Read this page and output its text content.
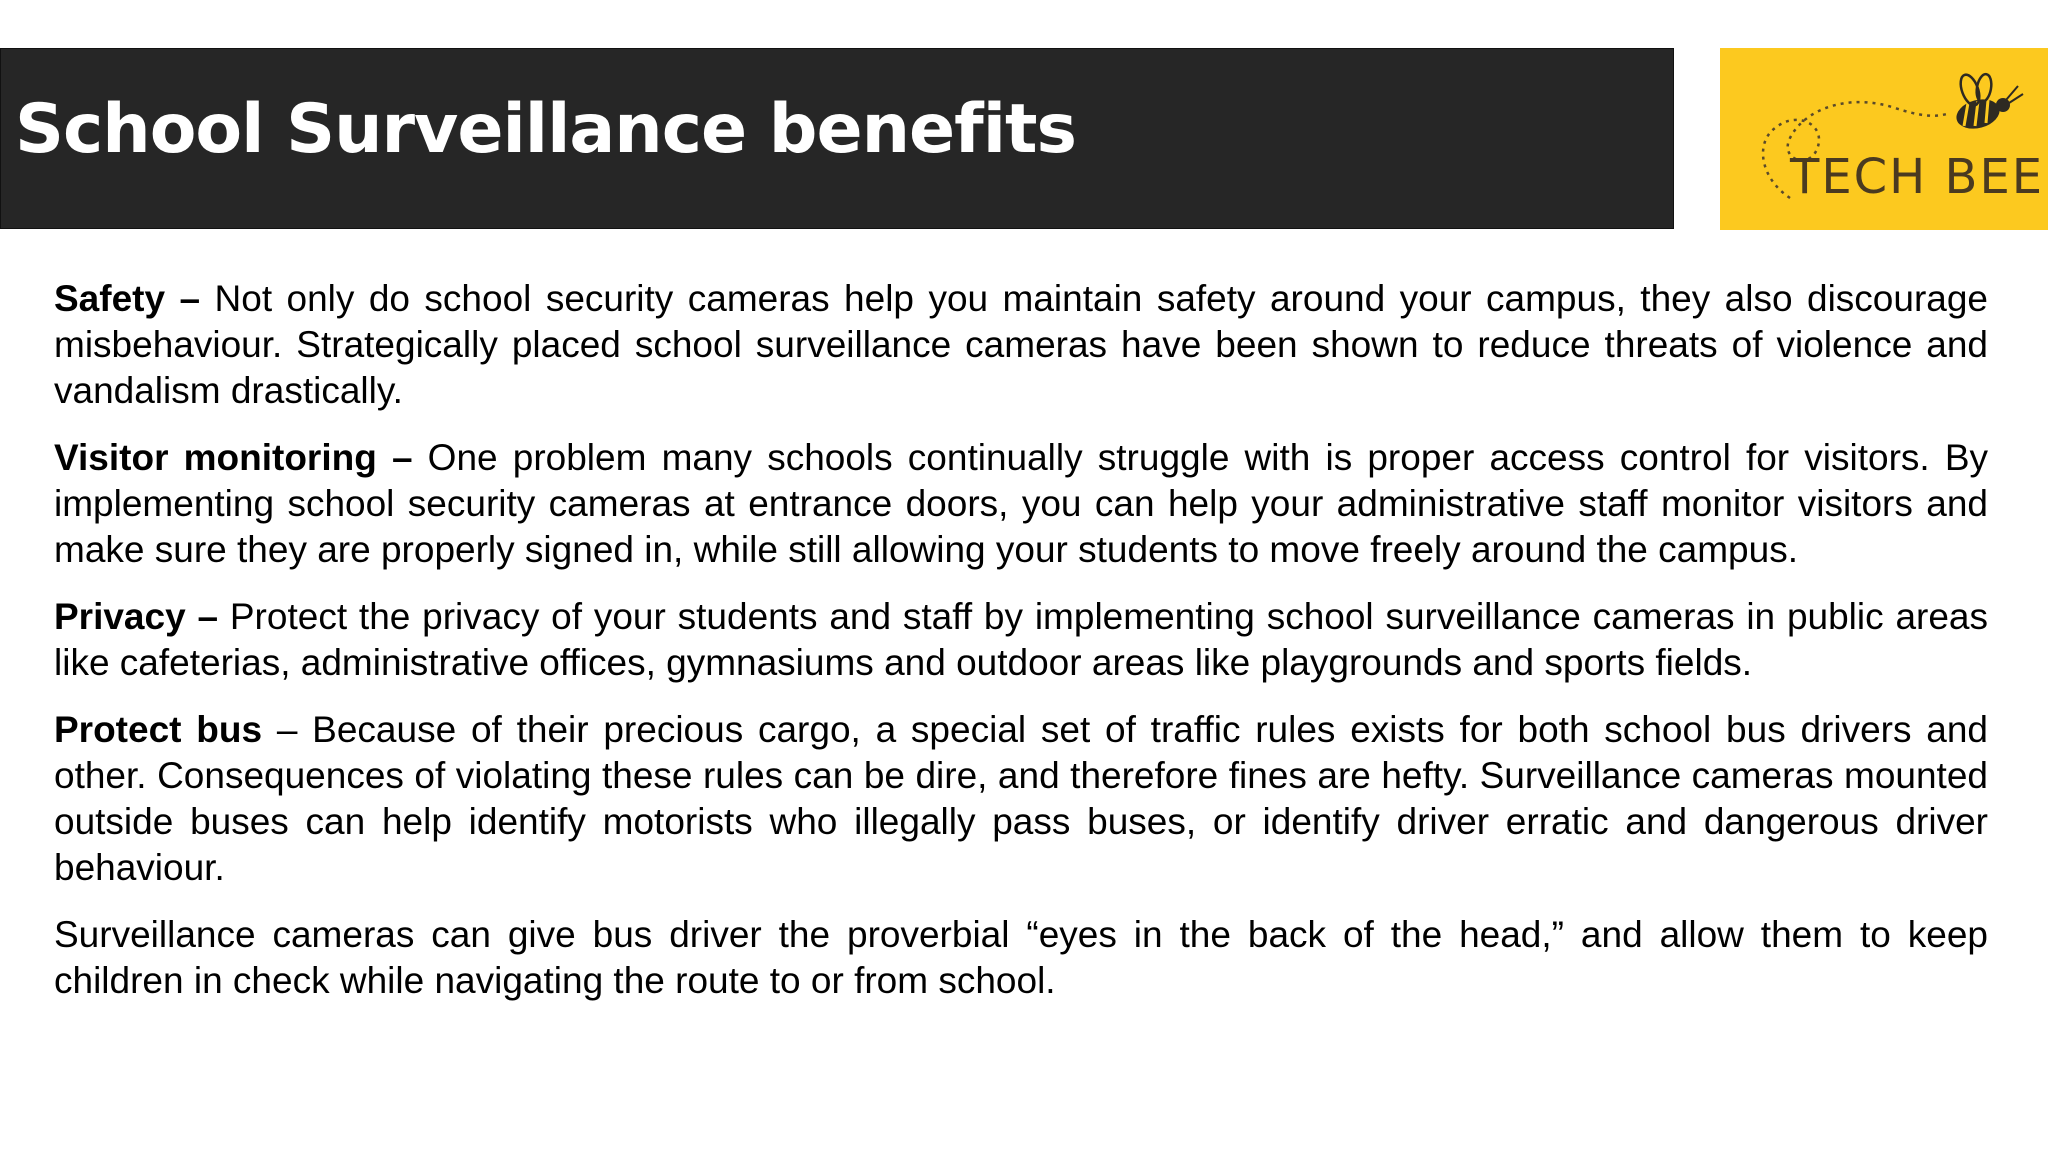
School Surveillance benefits
TECH BEE

Safety – Not only do school security cameras help you maintain safety around your campus, they also discourage misbehaviour. Strategically placed school surveillance cameras have been shown to reduce threats of violence and vandalism drastically.

Visitor monitoring – One problem many schools continually struggle with is proper access control for visitors. By implementing school security cameras at entrance doors, you can help your administrative staff monitor visitors and make sure they are properly signed in, while still allowing your students to move freely around the campus.

Privacy – Protect the privacy of your students and staff by implementing school surveillance cameras in public areas like cafeterias, administrative offices, gymnasiums and outdoor areas like playgrounds and sports fields.

Protect bus – Because of their precious cargo, a special set of traffic rules exists for both school bus drivers and other. Consequences of violating these rules can be dire, and therefore fines are hefty. Surveillance cameras mounted outside buses can help identify motorists who illegally pass buses, or identify driver erratic and dangerous driver behaviour.

Surveillance cameras can give bus driver the proverbial “eyes in the back of the head,” and allow them to keep children in check while navigating the route to or from school.
